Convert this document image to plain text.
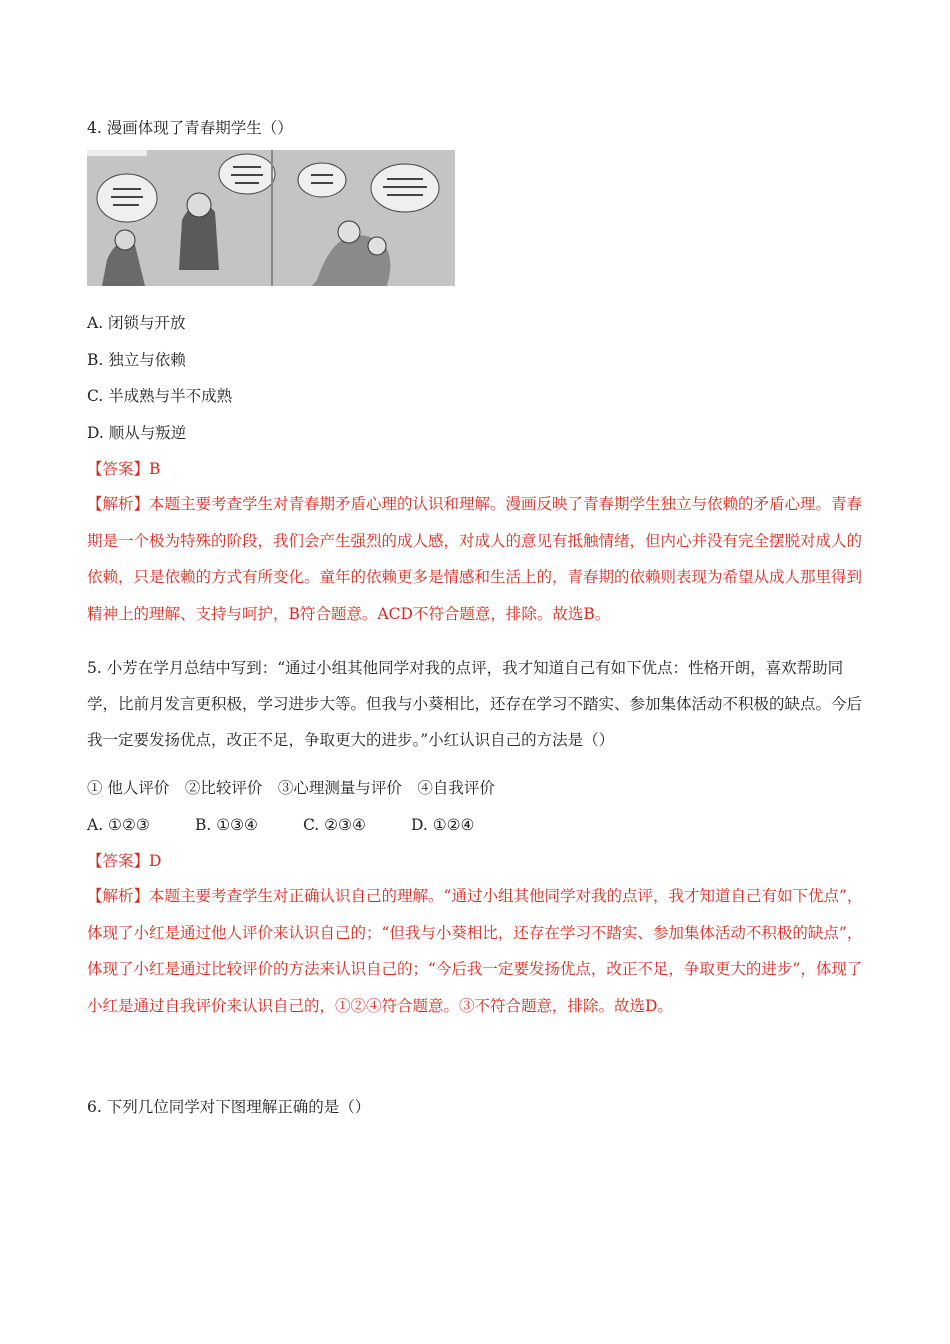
4. 漫画体现了青春期学生（）
A. 闭锁与开放
B. 独立与依赖
C. 半成熟与半不成熟
D. 顺从与叛逆
【答案】B
【解析】本题主要考查学生对青春期矛盾心理的认识和理解。漫画反映了青春期学生独立与依赖的矛盾心理。青春期是一个极为特殊的阶段，我们会产生强烈的成人感，对成人的意见有抵触情绪，但内心并没有完全摆脱对成人的依赖，只是依赖的方式有所变化。童年的依赖更多是情感和生活上的，青春期的依赖则表现为希望从成人那里得到精神上的理解、支持与呵护，B符合题意。ACD不符合题意，排除。故选B。
5. 小芳在学月总结中写到：“通过小组其他同学对我的点评，我才知道自己有如下优点：性格开朗，喜欢帮助同学，比前月发言更积极，学习进步大等。但我与小葵相比，还存在学习不踏实、参加集体活动不积极的缺点。今后我一定要发扬优点，改正不足，争取更大的进步。”小红认识自己的方法是（）
① 他人评价　②比较评价　③心理测量与评价　④自我评价
A. ①②③	B. ①③④	C. ②③④	D. ①②④
【答案】D
【解析】本题主要考查学生对正确认识自己的理解。“通过小组其他同学对我的点评，我才知道自己有如下优点”，体现了小红是通过他人评价来认识自己的；“但我与小葵相比，还存在学习不踏实、参加集体活动不积极的缺点”，体现了小红是通过比较评价的方法来认识自己的；“今后我一定要发扬优点，改正不足，争取更大的进步”，体现了小红是通过自我评价来认识自己的，①②④符合题意。③不符合题意，排除。故选D。
6. 下列几位同学对下图理解正确的是（）
